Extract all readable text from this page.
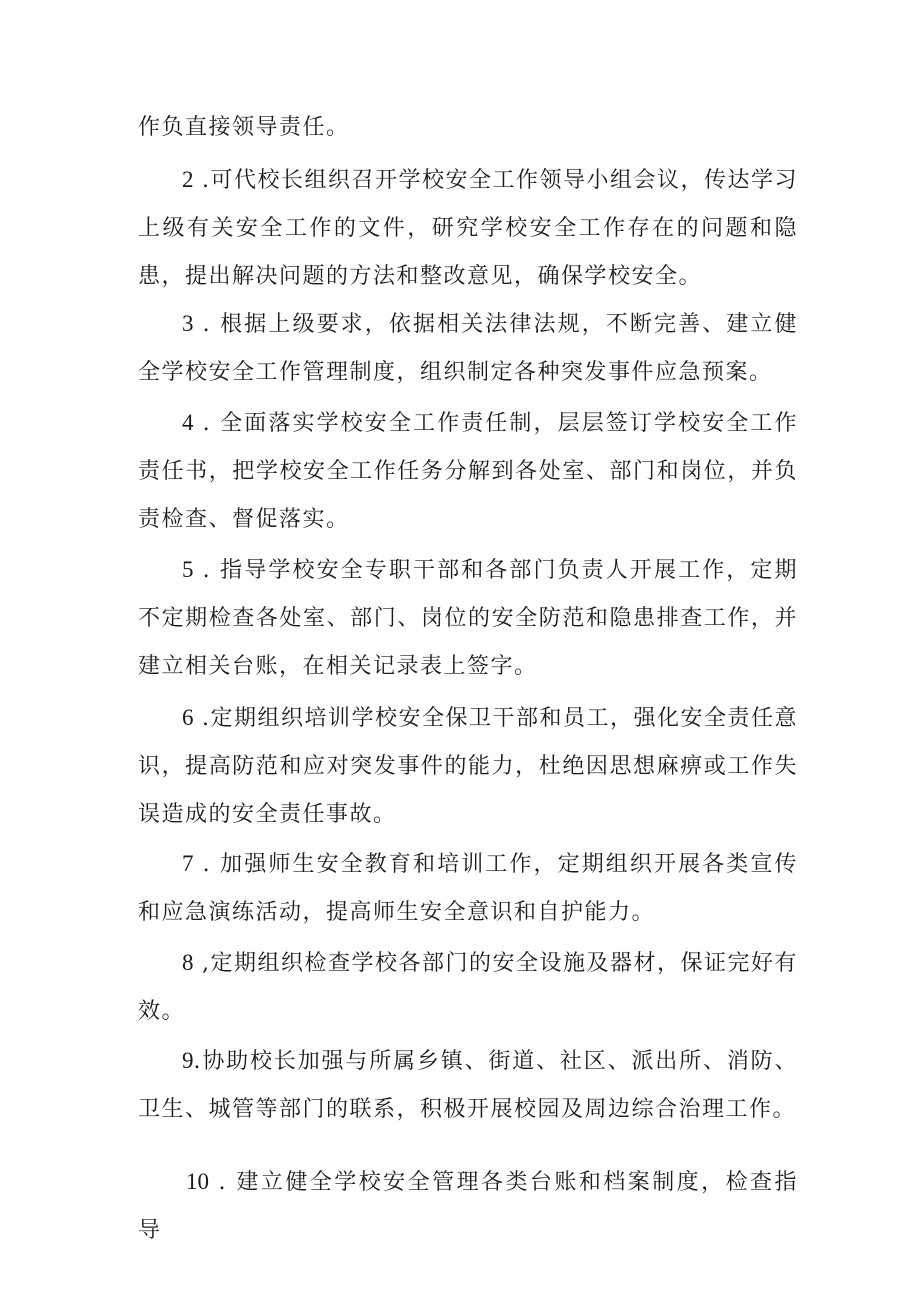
作负直接领导责任。

2 .可代校长组织召开学校安全工作领导小组会议，传达学习上级有关安全工作的文件，研究学校安全工作存在的问题和隐患，提出解决问题的方法和整改意见，确保学校安全。

3 . 根据上级要求，依据相关法律法规，不断完善、建立健全学校安全工作管理制度，组织制定各种突发事件应急预案。

4 . 全面落实学校安全工作责任制，层层签订学校安全工作责任书，把学校安全工作任务分解到各处室、部门和岗位，并负责检查、督促落实。

5 . 指导学校安全专职干部和各部门负责人开展工作，定期不定期检查各处室、部门、岗位的安全防范和隐患排查工作，并建立相关台账，在相关记录表上签字。

6 .定期组织培训学校安全保卫干部和员工，强化安全责任意识，提高防范和应对突发事件的能力，杜绝因思想麻痹或工作失误造成的安全责任事故。

7 . 加强师生安全教育和培训工作，定期组织开展各类宣传和应急演练活动，提高师生安全意识和自护能力。

8 ,定期组织检查学校各部门的安全设施及器材，保证完好有效。

9.协助校长加强与所属乡镇、街道、社区、派出所、消防、卫生、城管等部门的联系，积极开展校园及周边综合治理工作。

10 . 建立健全学校安全管理各类台账和档案制度，检查指导
